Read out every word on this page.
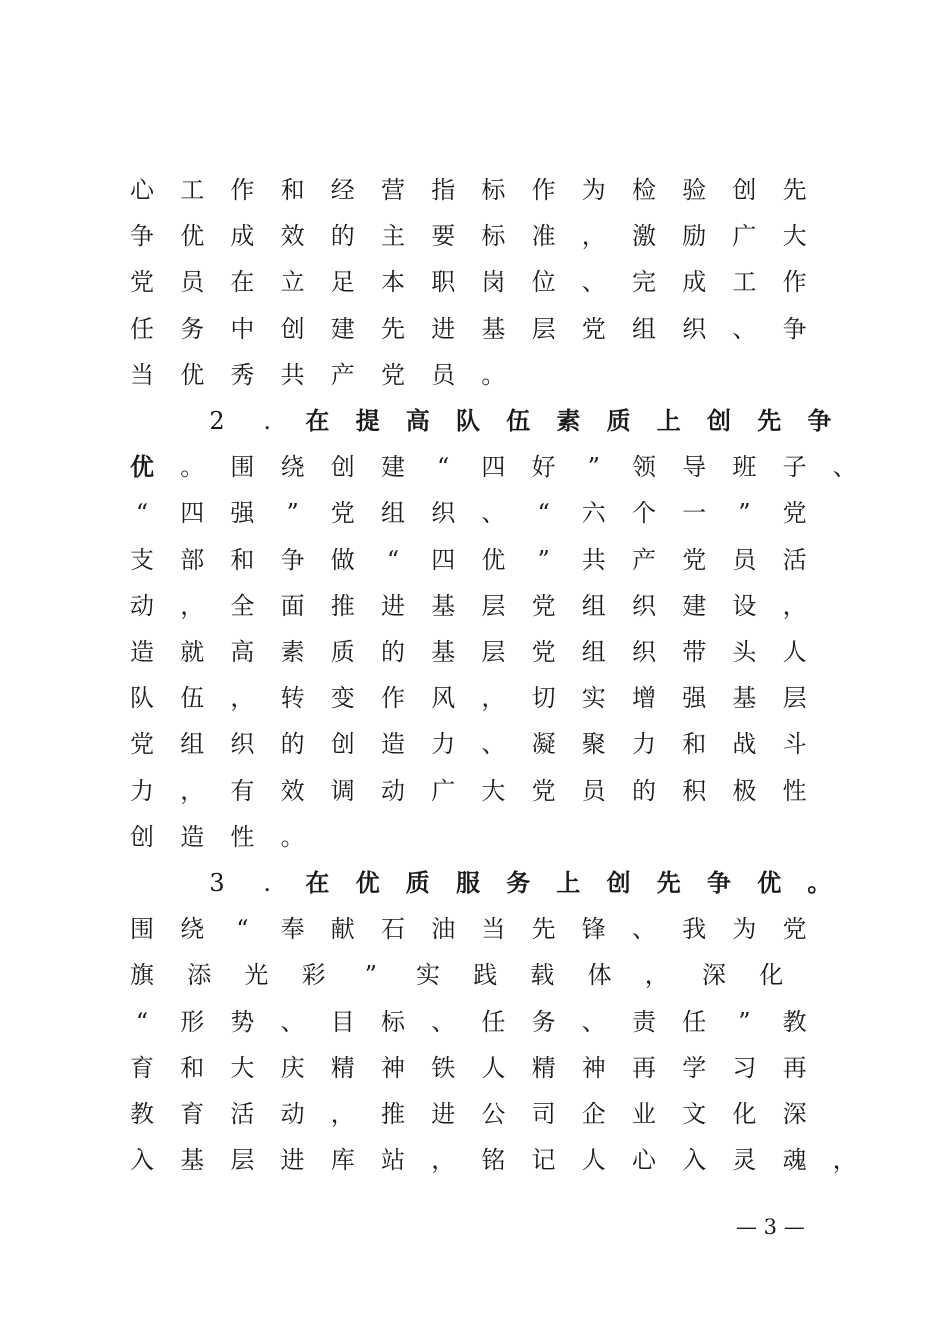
心 工 作 和 经 营 指 标 作 为 检 验 创 先
争 优 成 效 的 主 要 标 准 ， 激 励 广 大
党 员 在 立 足 本 职 岗 位 、 完 成 工 作
任 务 中 创 建 先 进 基 层 党 组 织 、 争
当 优 秀 共 产 党 员 。
2	.	在 提 高 队 伍 素 质 上 创 先 争
优 。 围 绕 创 建	“	四 好	”	领 导 班 子 、
“	四 强	”	党 组 织 、	“	六 个 一	”	党
支 部 和 争 做	“	四 优	”	共 产 党 员 活
动 ， 全 面 推 进 基 层 党 组 织 建 设 ，
造 就 高 素 质 的 基 层 党 组 织 带 头 人
队 伍 ， 转 变 作 风 ， 切 实 增 强 基 层
党 组 织 的 创 造 力 、 凝 聚 力 和 战 斗
力 ， 有 效 调 动 广 大 党 员 的 积 极 性
创 造 性 。
3	.	在 优 质 服 务 上 创 先 争 优 。
围 绕	“	奉 献 石 油 当 先 锋 、 我 为 党
旗 添 光 彩	”	实 践 载 体 ， 深 化
“	形 势 、 目 标 、 任 务 、 责 任	”	教
育 和 大 庆 精 神 铁 人 精 神 再 学 习 再
教 育 活 动 ， 推 进 公 司 企 业 文 化 深
入 基 层 进 库 站 ， 铭 记 人 心 入 灵 魂 ，
— 3 —
